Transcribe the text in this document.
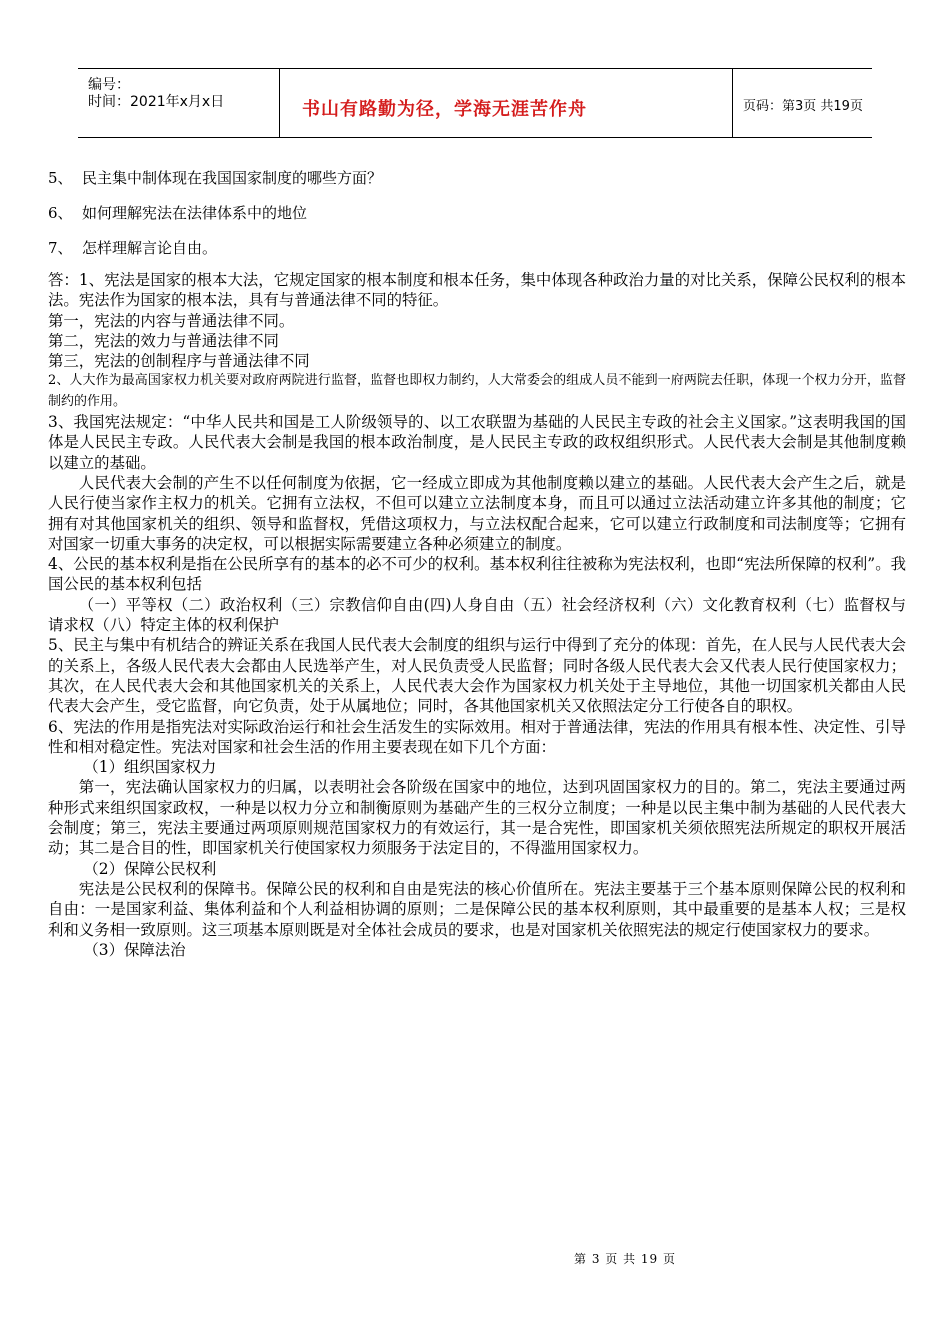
编号：
时间：2021年x月x日	书山有路勤为径，学海无涯苦作舟	页码：第3页 共19页
5、 民主集中制体现在我国国家制度的哪些方面？
6、 如何理解宪法在法律体系中的地位
7、 怎样理解言论自由。

答：1、宪法是国家的根本大法，它规定国家的根本制度和根本任务，集中体现各种政治力量的对比关系，保障公民权利的根本法。宪法作为国家的根本法，具有与普通法律不同的特征。

第一，宪法的内容与普通法律不同。

第二，宪法的效力与普通法律不同

第三，宪法的创制程序与普通法律不同

2、人大作为最高国家权力机关要对政府两院进行监督，监督也即权力制约，人大常委会的组成人员不能到一府两院去任职，体现一个权力分开，监督制约的作用。

3、我国宪法规定：“中华人民共和国是工人阶级领导的、以工农联盟为基础的人民民主专政的社会主义国家。”这表明我国的国体是人民民主专政。人民代表大会制是我国的根本政治制度，是人民民主专政的政权组织形式。人民代表大会制是其他制度赖以建立的基础。

人民代表大会制的产生不以任何制度为依据，它一经成立即成为其他制度赖以建立的基础。人民代表大会产生之后，就是人民行使当家作主权力的机关。它拥有立法权，不但可以建立立法制度本身，而且可以通过立法活动建立许多其他的制度；它拥有对其他国家机关的组织、领导和监督权，凭借这项权力，与立法权配合起来，它可以建立行政制度和司法制度等；它拥有对国家一切重大事务的决定权，可以根据实际需要建立各种必须建立的制度。

4、公民的基本权利是指在公民所享有的基本的必不可少的权利。基本权利往往被称为宪法权利，也即“宪法所保障的权利”。我国公民的基本权利包括

（一）平等权（二）政治权利（三）宗教信仰自由(四)人身自由（五）社会经济权利（六）文化教育权利（七）监督权与请求权（八）特定主体的权利保护

5、民主与集中有机结合的辨证关系在我国人民代表大会制度的组织与运行中得到了充分的体现：首先，在人民与人民代表大会的关系上，各级人民代表大会都由人民选举产生，对人民负责受人民监督；同时各级人民代表大会又代表人民行使国家权力；其次，在人民代表大会和其他国家机关的关系上，人民代表大会作为国家权力机关处于主导地位，其他一切国家机关都由人民代表大会产生，受它监督，向它负责，处于从属地位；同时，各其他国家机关又依照法定分工行使各自的职权。

6、宪法的作用是指宪法对实际政治运行和社会生活发生的实际效用。相对于普通法律，宪法的作用具有根本性、决定性、引导性和相对稳定性。宪法对国家和社会生活的作用主要表现在如下几个方面：

（1）组织国家权力

第一，宪法确认国家权力的归属，以表明社会各阶级在国家中的地位，达到巩固国家权力的目的。第二，宪法主要通过两种形式来组织国家政权，一种是以权力分立和制衡原则为基础产生的三权分立制度；一种是以民主集中制为基础的人民代表大会制度；第三，宪法主要通过两项原则规范国家权力的有效运行，其一是合宪性，即国家机关须依照宪法所规定的职权开展活动；其二是合目的性，即国家机关行使国家权力须服务于法定目的，不得滥用国家权力。

（2）保障公民权利

宪法是公民权利的保障书。保障公民的权利和自由是宪法的核心价值所在。宪法主要基于三个基本原则保障公民的权利和自由：一是国家利益、集体利益和个人利益相协调的原则；二是保障公民的基本权利原则，其中最重要的是基本人权；三是权利和义务相一致原则。这三项基本原则既是对全体社会成员的要求，也是对国家机关依照宪法的规定行使国家权力的要求。

（3）保障法治

第 3 页 共 19 页
